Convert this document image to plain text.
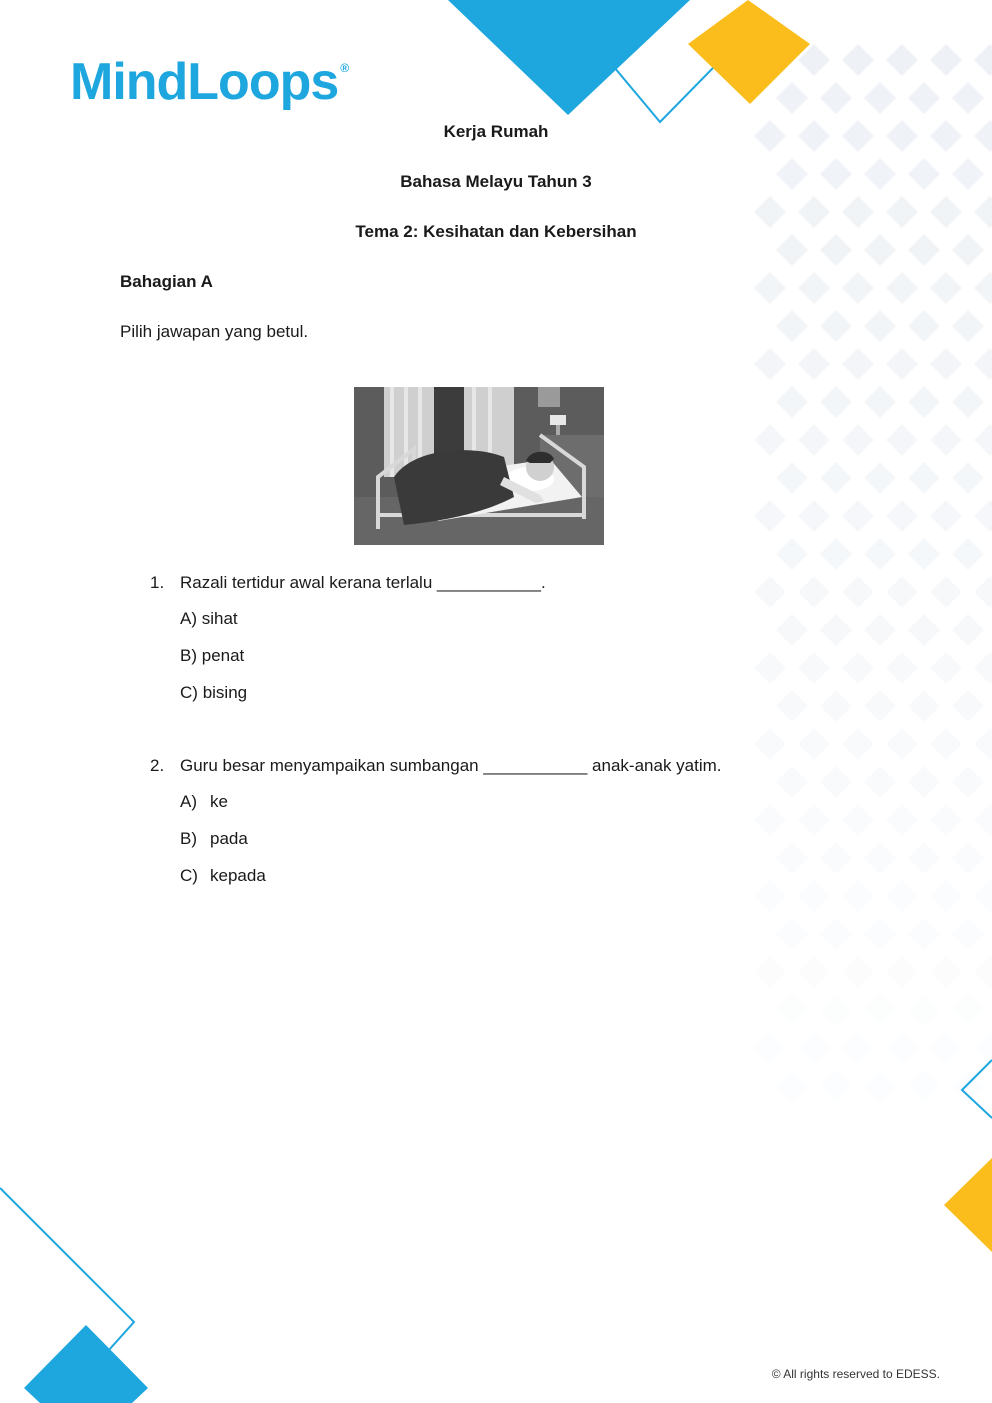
MindLoops ®
Kerja Rumah
Bahasa Melayu Tahun 3
Tema 2: Kesihatan dan Kebersihan
Bahagian A
Pilih jawapan yang betul.
1. Razali tertidur awal kerana terlalu ___________.
A) sihat
B) penat
C) bising
2. Guru besar menyampaikan sumbangan ___________ anak-anak yatim.
A) ke
B) pada
C) kepada
© All rights reserved to EDESS.
